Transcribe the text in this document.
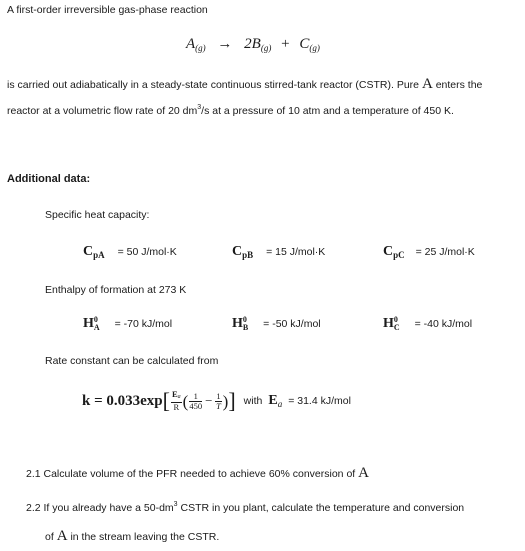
A first-order irreversible gas-phase reaction
$A_{(g)} \to 2B_{(g)} + C_{(g)}$
is carried out adiabatically in a steady-state continuous stirred-tank reactor (CSTR). Pure A enters the
reactor at a volumetric flow rate of 20 $dm^3/s$ at a pressure of 10 atm and a temperature of 450 K.
Additional data:
Specific heat capacity:
CpA = 50 J/mol·K	CpB = 15 J/mol·K	CpC = 25 J/mol·K
Enthalpy of formation at 273 K
H 0
A = -70 kJ/mol	H 0
B = -50 kJ/mol	H 0
C = -40 kJ/mol
Rate constant can be calculated from
k = 0.033exp [ $\frac{Ea}{R}$ ( $\frac{1}{450} - \frac{1}{T}$ ) ] with E a = 31.4 kJ/mol
2.1 Calculate volume of the PFR needed to achieve 60% conversion of A
2.2 If you already have a $50-dm^3$ CSTR in you plant, calculate the temperature and conversion
of A in the stream leaving the CSTR.
